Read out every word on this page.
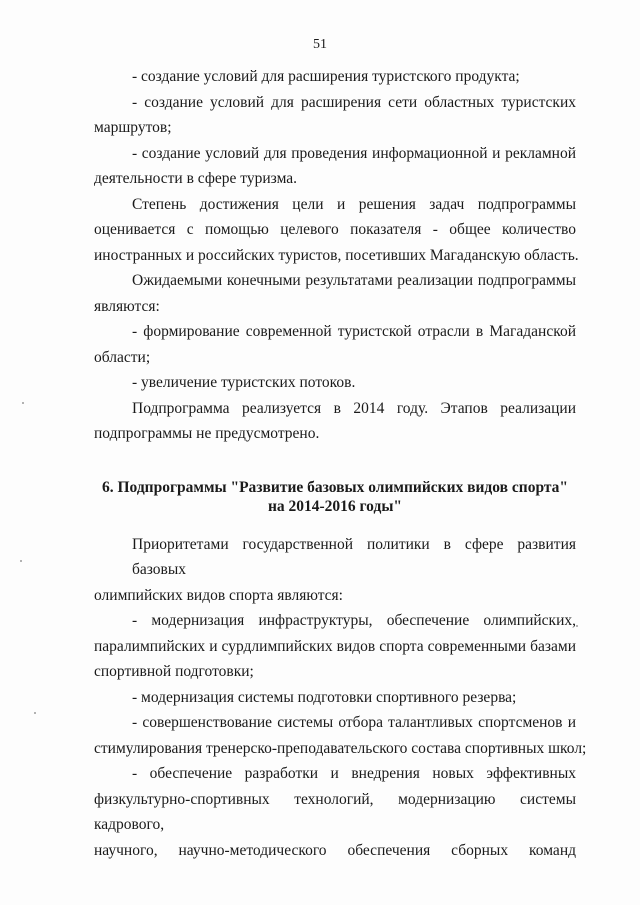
51
- создание условий для расширения туристского продукта;
- создание условий для расширения сети областных туристских
маршрутов;
- создание условий для проведения информационной и рекламной
деятельности в сфере туризма.
Степень достижения цели и решения задач подпрограммы
оценивается с помощью целевого показателя - общее количество
иностранных и российских туристов, посетивших Магаданскую область.
Ожидаемыми конечными результатами реализации подпрограммы
являются:
- формирование современной туристской отрасли в Магаданской
области;
- увеличение туристских потоков.
Подпрограмма реализуется в 2014 году. Этапов реализации
подпрограммы не предусмотрено.
6. Подпрограммы "Развитие базовых олимпийских видов спорта"
на 2014-2016 годы"
Приоритетами государственной политики в сфере развития базовых
олимпийских видов спорта являются:
- модернизация инфраструктуры, обеспечение олимпийских,
паралимпийских и сурдлимпийских видов спорта современными базами
спортивной подготовки;
- модернизация системы подготовки спортивного резерва;
- совершенствование системы отбора талантливых спортсменов и
стимулирования тренерско-преподавательского состава спортивных школ;
- обеспечение разработки и внедрения новых эффективных
физкультурно-спортивных технологий, модернизацию системы кадрового,
научного, научно-методического обеспечения сборных команд
